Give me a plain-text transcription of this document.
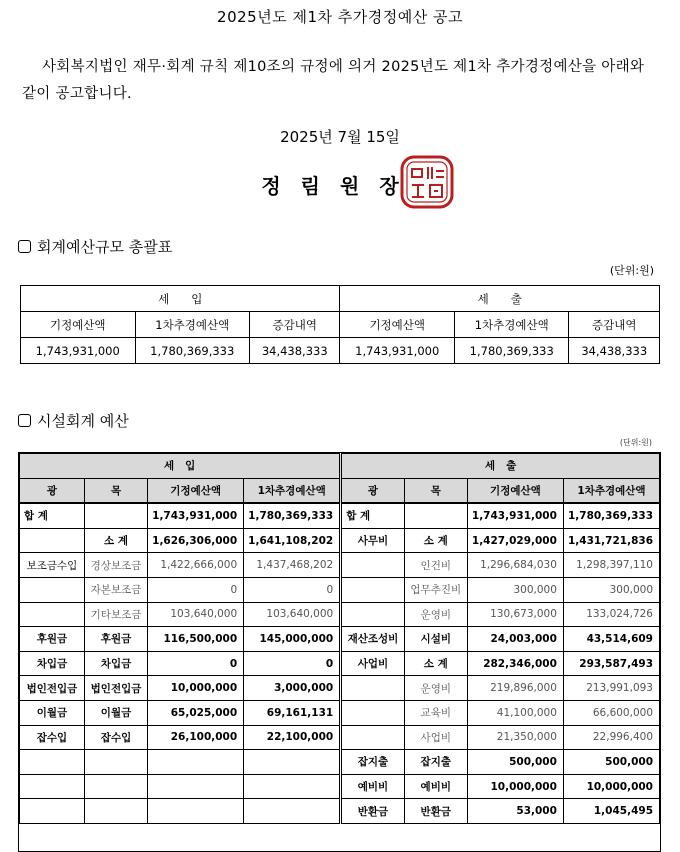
2025년도 제1차 추가경정예산 공고
사회복지법인 재무·회계 규칙 제10조의 규정에 의거 2025년도 제1차 추가경정예산을 아래와 같이 공고합니다.
2025년 7월 15일
정림원장
회계예산규모 총괄표
(단위:원)
세      입			세      출		
기정예산액	1차추경예산액	증감내역	기정예산액	1차추경예산액	증감내역
1,743,931,000	1,780,369,333	34,438,333	1,743,931,000	1,780,369,333	34,438,333
시설회계 예산
(단위:원)
세   입				세   출			
광	목	기정예산액	1차추경예산액	광	목	기정예산액	1차추경예산액
합 계		1,743,931,000	1,780,369,333	합 계		1,743,931,000	1,780,369,333
	소 계	1,626,306,000	1,641,108,202	사무비	소 계	1,427,029,000	1,431,721,836
보조금수입	경상보조금	1,422,666,000	1,437,468,202		인건비	1,296,684,030	1,298,397,110
	자본보조금	0	0		업무추진비	300,000	300,000
	기타보조금	103,640,000	103,640,000		운영비	130,673,000	133,024,726
후원금	후원금	116,500,000	145,000,000	재산조성비	시설비	24,003,000	43,514,609
차입금	차입금	0	0	사업비	소 계	282,346,000	293,587,493
법인전입금	법인전입금	10,000,000	3,000,000		운영비	219,896,000	213,991,093
이월금	이월금	65,025,000	69,161,131		교육비	41,100,000	66,600,000
잡수입	잡수입	26,100,000	22,100,000		사업비	21,350,000	22,996,400
				잡지출	잡지출	500,000	500,000
				예비비	예비비	10,000,000	10,000,000
				반환금	반환금	53,000	1,045,495
